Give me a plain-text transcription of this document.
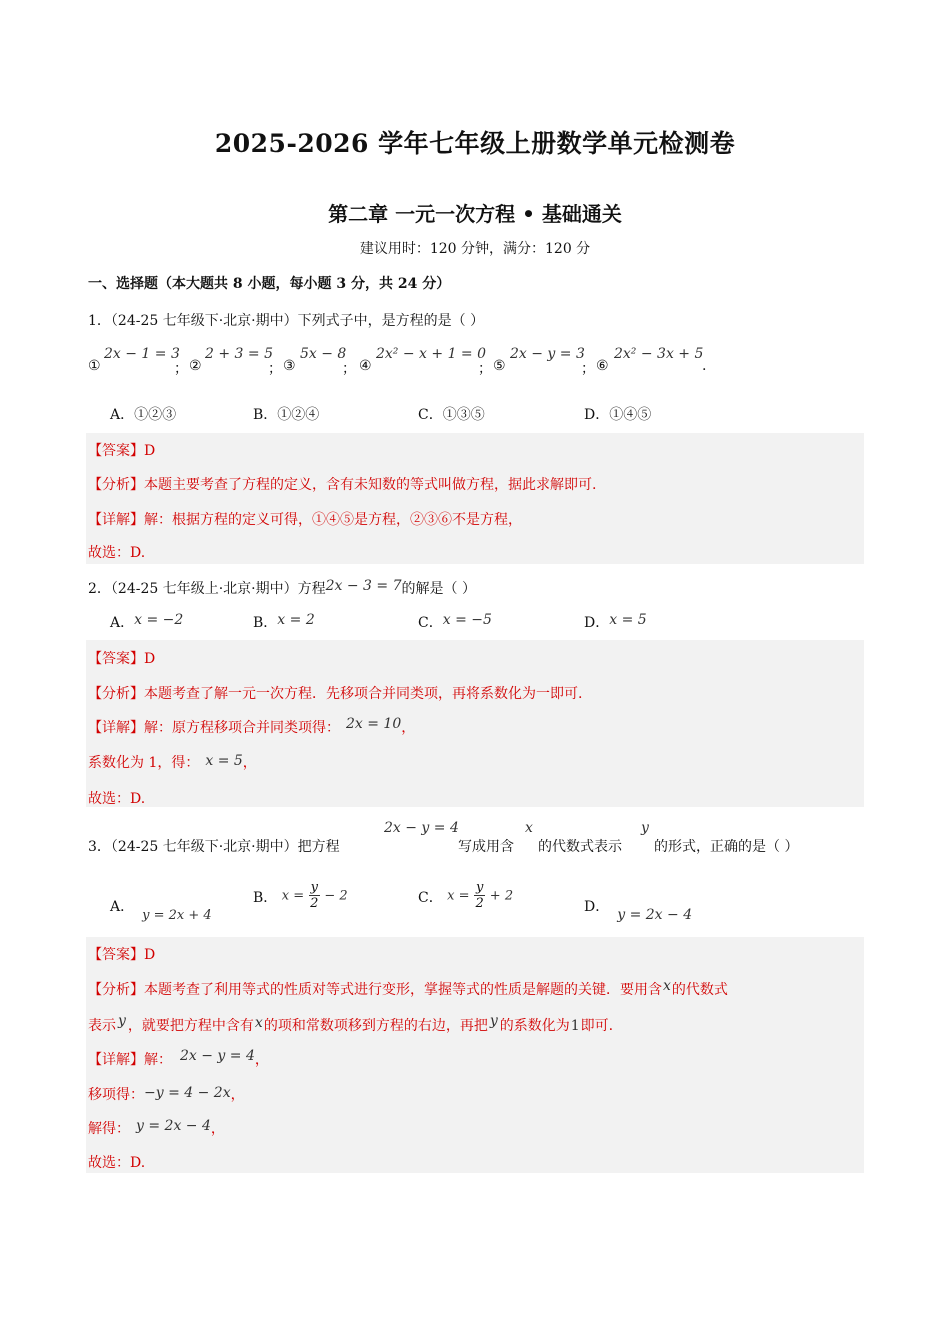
2025-2026 学年七年级上册数学单元检测卷
第二章 一元一次方程 • 基础通关
建议用时：120 分钟，满分：120 分
一、选择题（本大题共 8 小题，每小题 3 分，共 24 分）
1．（24-25 七年级下·北京·期中）下列式子中，是方程的是（ ）
①
2x − 1 = 3
； ②
2 + 3 = 5
； ③
5x − 8
； ④
2x² − x + 1 = 0
； ⑤
2x − y = 3
； ⑥
2x² − 3x + 5
.
A．①②③	B．①②④	C．①③⑤	D．①④⑤
【答案】D
【分析】本题主要考查了方程的定义，含有未知数的等式叫做方程，据此求解即可.
【详解】解：根据方程的定义可得，①④⑤是方程，②③⑥不是方程，
故选：D.
2．（24-25 七年级上·北京·期中）方程2x − 3 = 7的解是（ ）
A．x = −2	B．x = 2	C．x = −5	D．x = 5
【答案】D
【分析】本题考查了解一元一次方程．先移项合并同类项，再将系数化为一即可.
【详解】解：原方程移项合并同类项得： 2x = 10，
系数化为 1，得： x = 5，
故选：D.
3．（24-25 七年级下·北京·期中）把方程
2x − y = 4
写成用含
x
的代数式表示
y
的形式，正确的是（ ）
A．y = 2x + 4
B． $x = \frac{y}{2} - 2$	C． $x = \frac{y}{2} + 2$
D． y = 2x − 4
【答案】D
【分析】本题考查了利用等式的性质对等式进行变形，掌握等式的性质是解题的关键．要用含x的代数式
表示 y ，就要把方程中含有x的项和常数项移到方程的右边，再把 y 的系数化为1即可.
【详解】解： 2x − y = 4，
移项得：−y = 4 − 2x，
解得： y = 2x − 4，
故选：D.
